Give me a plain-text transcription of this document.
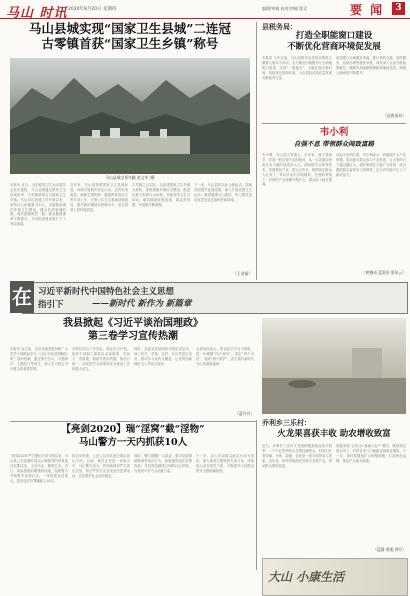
马山 时讯 2020年8月20日 星期四	编辑/审稿 校对/审稿 版式	要 闻	3
马山县城实现“国家卫生县城”二连冠
古零镇首获“国家卫生乡镇”称号
马山县城全景鸟瞰 赵文华 /摄
本报讯 近日，全国爱国卫生运动委员会发布通报，马山县城通过国家卫生县城复审，古零镇被命名为国家卫生乡镇。马山县自创建工作开展以来，坚持以人民健康为中心，全面推进城乡环境卫生整治，健全长效管理机制，城乡面貌焕然一新，群众健康素养不断提升，为巩固创建成果打下了坚实基础。
近年来，马山县按照国家卫生县城标准，持续开展城乡清洁行动、农贸市场改造、病媒生物防制、健康教育进社区等专项工作，完善公共卫生基础设施建设，提升城市精细化管理水平，切实改善人居环境质量。
古零镇立足实际，以创建国家卫生乡镇为契机，狠抓集镇环境综合整治，推进垃圾分类和污水治理，开展爱国卫生月活动，镇容镇貌显著改善，群众获得感、幸福感不断增强。
下一步，马山县将以此为新起点，持续巩固提升创建成果，深入开展爱国卫生运动，推进健康马山建设，努力建设更加宜居宜业宜游的美丽县城。
（王金福）
县税务局：
打造全职能窗口建设
不断优化营商环境促发展
本报讯 今年以来，马山县税务局坚持以纳税人缴费人需求为导向，全力推进办税服务厅全职能窗口建设，实现“一窗通办”，大幅压缩办税时间，持续优化营商环境，为全县经济高质量发展贡献税务力量。
该局整合办税服务资源，推行预约办税、延时服务、容缺办理等便民举措，同时深入企业开展政策辅导，确保各项减税降费政策落地见效，纳税人满意度不断提升。
（县税务局）
韦小利
自强不息 带领群众闯致富路
韦小利，马山县古零镇人。多年来，他不畏艰辛，凭着一股自强不息的韧劲，从一名普通农民成长为当地的致富带头人。他积极学习种养技术，发展特色产业，建立合作社，吸纳周边群众入社务工，带动乡亲们共同增收。在他的带领下，村里的产业规模不断扩大，群众收入稳步提高。
谈起今后的打算，韦小利表示，将继续扩大产业规模，带动更多群众参与产业发展，让大家的日子越过越红火。他的事迹在当地广为传颂，成为激励群众奋发向上的榜样，也为乡村振兴注入了新的活力。
（黄德成 蓝菊芳 梁风云）
在 习近平新时代中国特色社会主义思想
指引下	——新时代 新作为 新篇章
我县掀起《习近平谈治国理政》
第三卷学习宣传热潮
本报讯 连日来，全县各级党组织和广大党员干部掀起学习《习近平谈治国理政》第三卷的热潮，通过集中学习、专题研讨、主题党日等形式，深入学习领会书中蕴含的重要思想。
各单位结合工作实际，制定学习计划，组织干部职工原原本本读原著、学原文、悟原理，做到学思用贯通、知信行统一，切实把学习成果转化为推动工作的强大动力。
同时，县委宣传部组织开展宣讲活动，深入机关、学校、农村、社区等进行宣讲，推动学习宣传全覆盖，让党的创新理论飞入寻常百姓家。
大家纷纷表示，要以此次学习为契机，进一步增强“四个意识”，坚定“四个自信”，做到“两个维护”，奋力谱写新时代马山发展新篇章。
（蓝丹丹）
【亮剑2020】瑞“淫窝”截“淫物”
马山警方一天内抓获10人
“亮剑2020”严打整治行动开展以来，马山县公安局紧盯群众反映强烈的涉黄违法犯罪活动，主动出击、精准打击。近日，该局根据前期摸排线索，组织警力开展集中收网行动，一举捣毁卖淫窝点，抓获违法犯罪嫌疑人10名。
经初步审查，上述人员对其违法事实供认不讳。目前，案件正在进一步侦办中。马山警方表示，将持续保持严打高压态势，依法严厉打击各类违法犯罪活动，切实维护社会治安稳定。
同时，警方提醒广大群众，要自觉抵制黄赌毒等违法行为，积极提供违法犯罪线索，共同营造健康文明的社会环境，为建设平安马山贡献力量。
下一步，县公安局将以此次行动为契机，深入推进扫黑除恶专项斗争，持续加大治安管控力度，不断提升人民群众的安全感和满意度。
乔利乡三乐村：
火龙果喜获丰收 助农增收致富
近日，乔利乡三乐村火龙果种植基地迎来丰收季，一个个红彤彤的火龙果挂满枝头，村民们忙着采摘、分拣、装箱，处处是一派丰收的喜人景象。近年来，该村因地制宜发展火龙果产业，带动群众增收致富。
基地采取“合作社+基地+农户”模式，吸纳周边群众务工，村民在家门口就能实现就业增收。下一步，该村将继续扩大种植规模，打造特色品牌，推动产业做大做强。
（蓝静 覃燕 钟芬）
大山 小康生活
